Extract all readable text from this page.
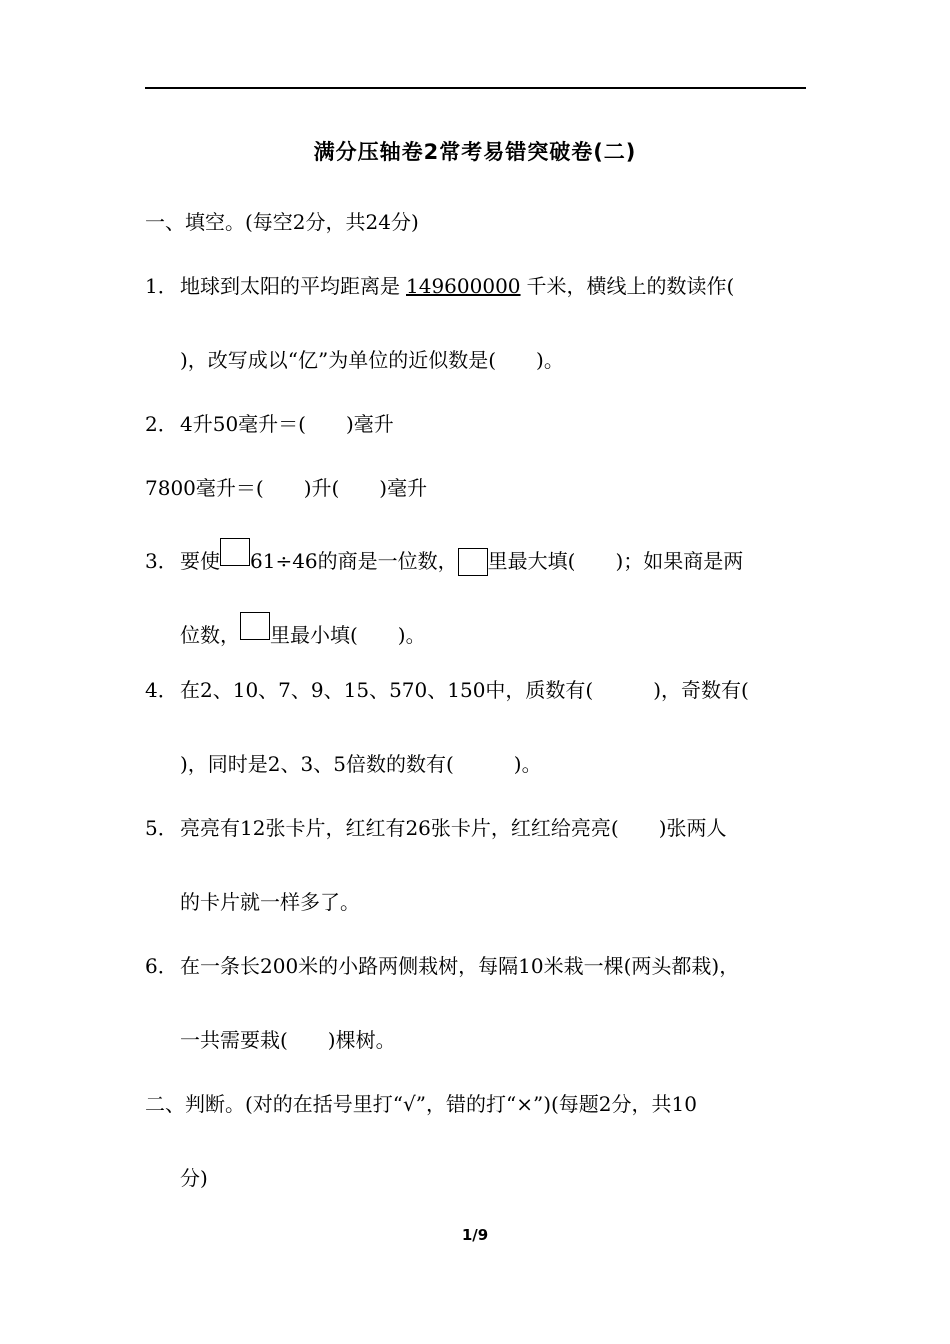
满分压轴卷2常考易错突破卷(二)
一、填空。(每空2分，共24分)
1． 地球到太阳的平均距离是 149600000 千米，横线上的数读作(
)，改写成以“亿”为单位的近似数是(　　)。
2． 4升50毫升＝(　　)毫升
7800毫升＝(　　)升(　　)毫升
3． 要使 61÷46的商是一位数， 里最大填(　　)；如果商是两
位数， 里最小填(　　)。
4． 在2、10、7、9、15、570、150中，质数有(　　　)，奇数有(
)，同时是2、3、5倍数的数有(　　　)。
5． 亮亮有12张卡片，红红有26张卡片，红红给亮亮(　　)张两人
的卡片就一样多了。
6． 在一条长200米的小路两侧栽树，每隔10米栽一棵(两头都栽)，
一共需要栽(　　)棵树。
二、判断。(对的在括号里打“√”，错的打“×”)(每题2分，共10
分)
1/9
